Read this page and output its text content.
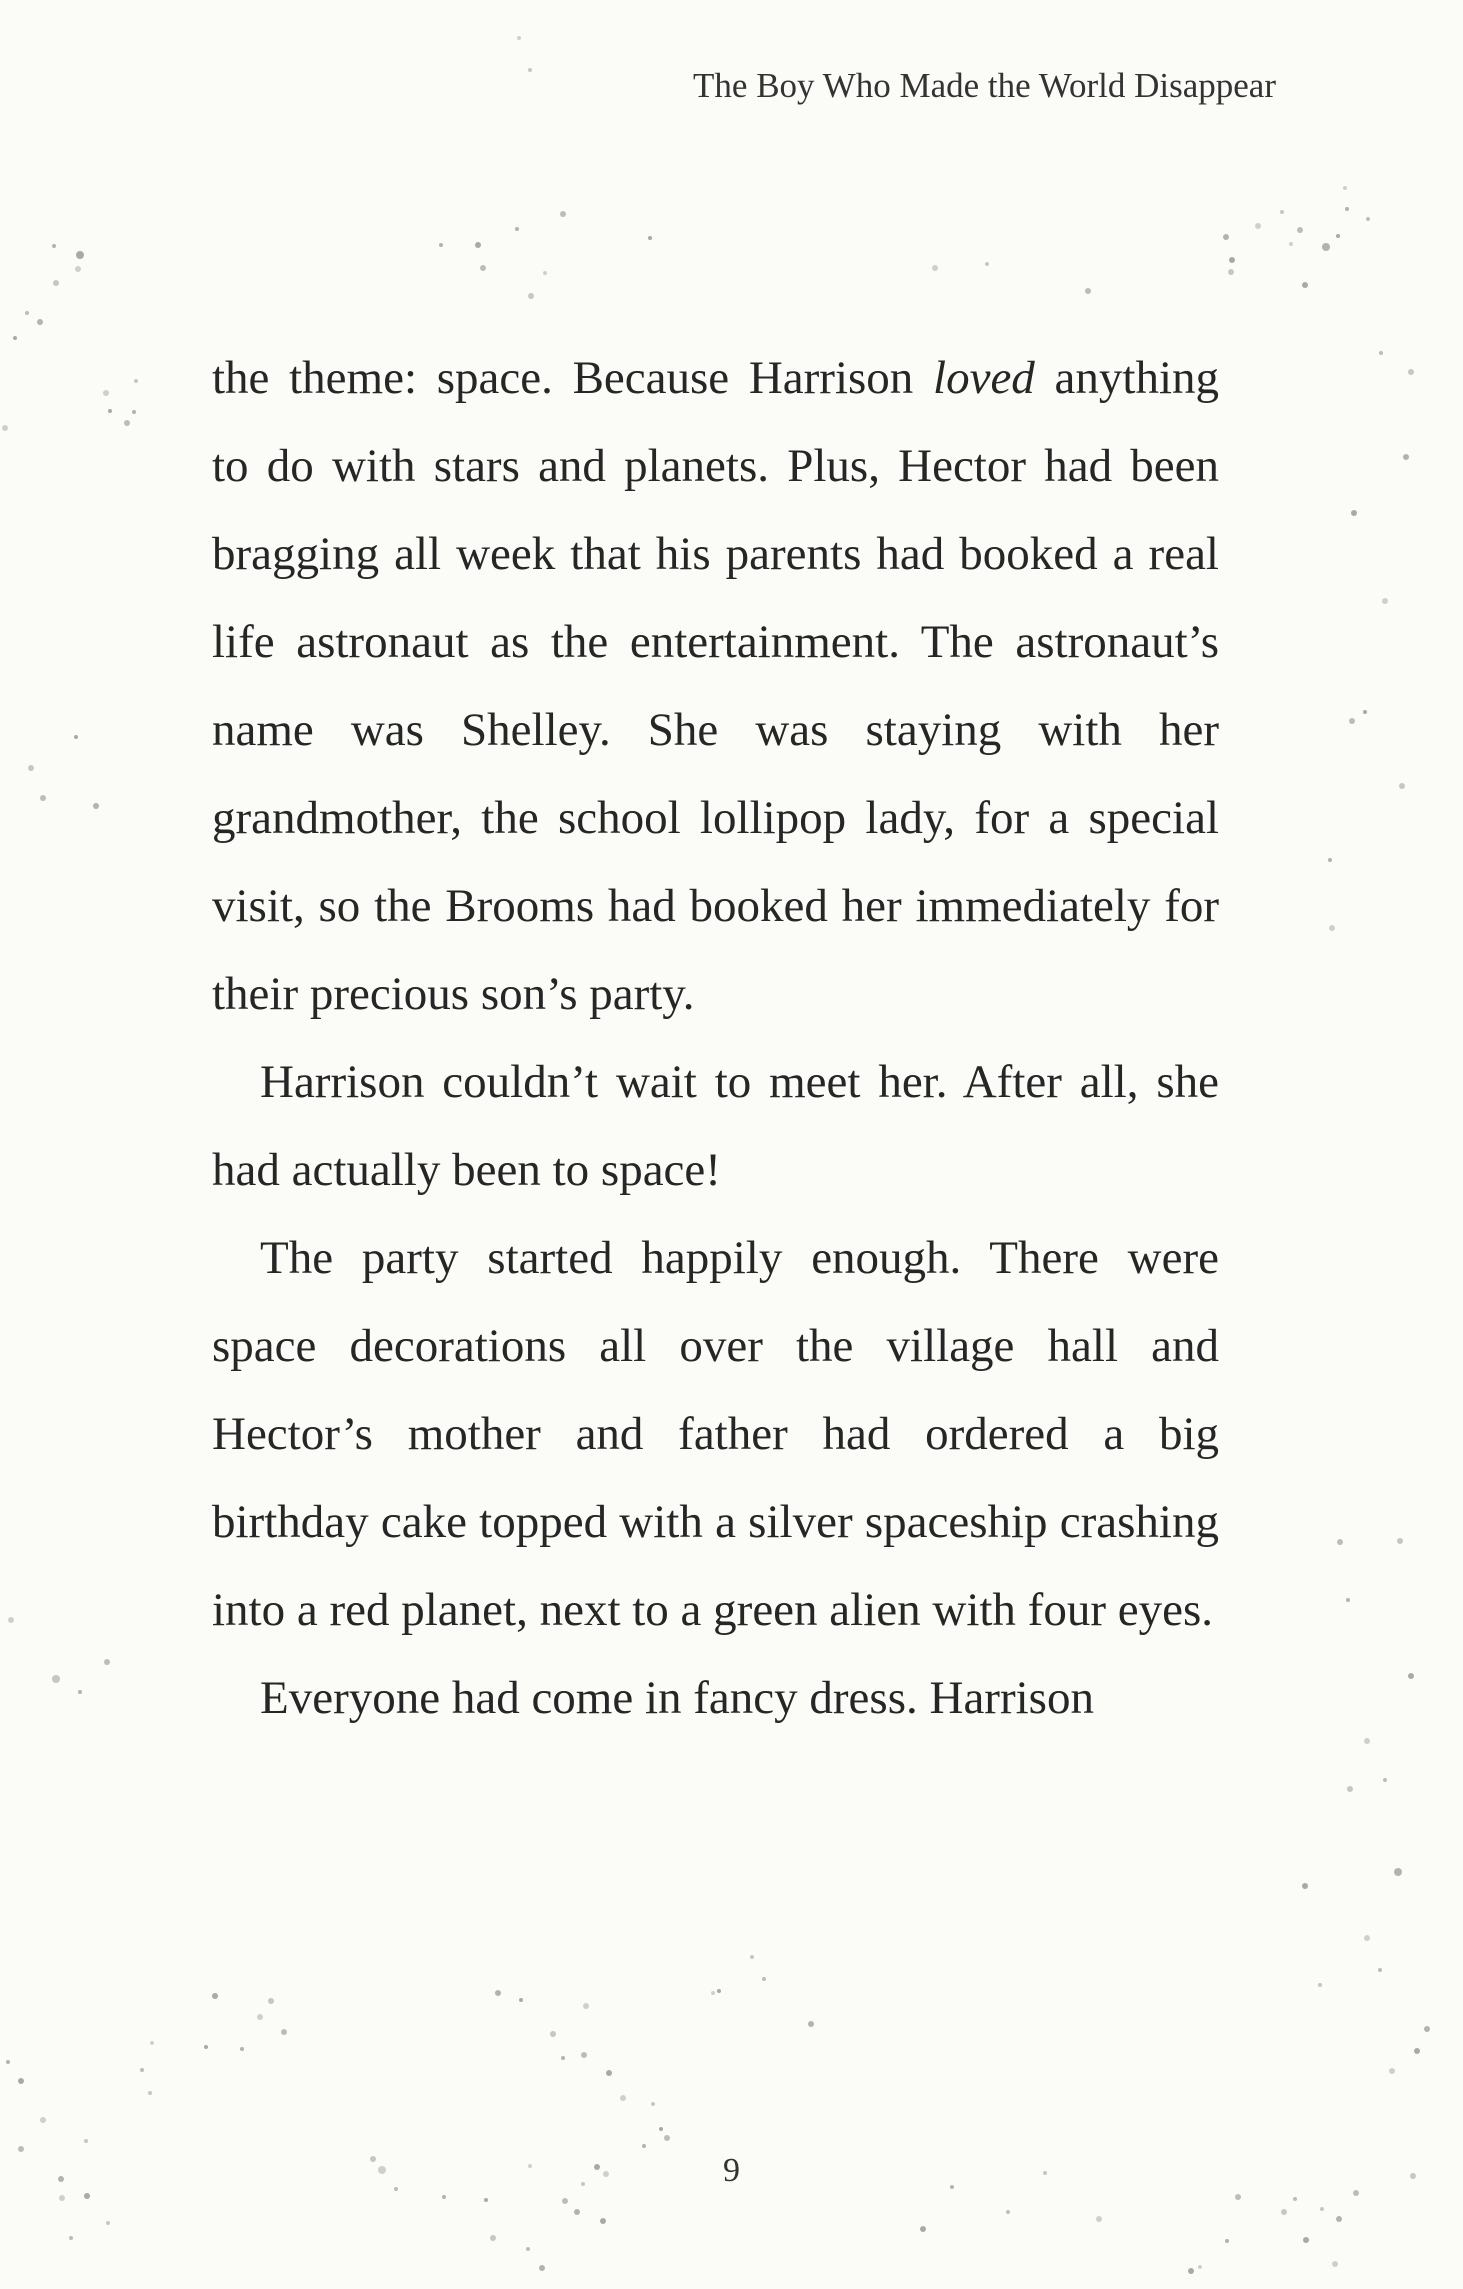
The Boy Who Made the World Disappear

the theme: space. Because Harrison loved anything to do with stars and planets. Plus, Hector had been bragging all week that his parents had booked a real life astronaut as the entertainment. The astronaut’s name was Shelley. She was staying with her grandmother, the school lollipop lady, for a special visit, so the Brooms had booked her immediately for their precious son’s party.

Harrison couldn’t wait to meet her. After all, she had actually been to space!

The party started happily enough. There were space decorations all over the village hall and Hector’s mother and father had ordered a big birthday cake topped with a silver spaceship crashing into a red planet, next to a green alien with four eyes.

Everyone had come in fancy dress. Harrison

9
